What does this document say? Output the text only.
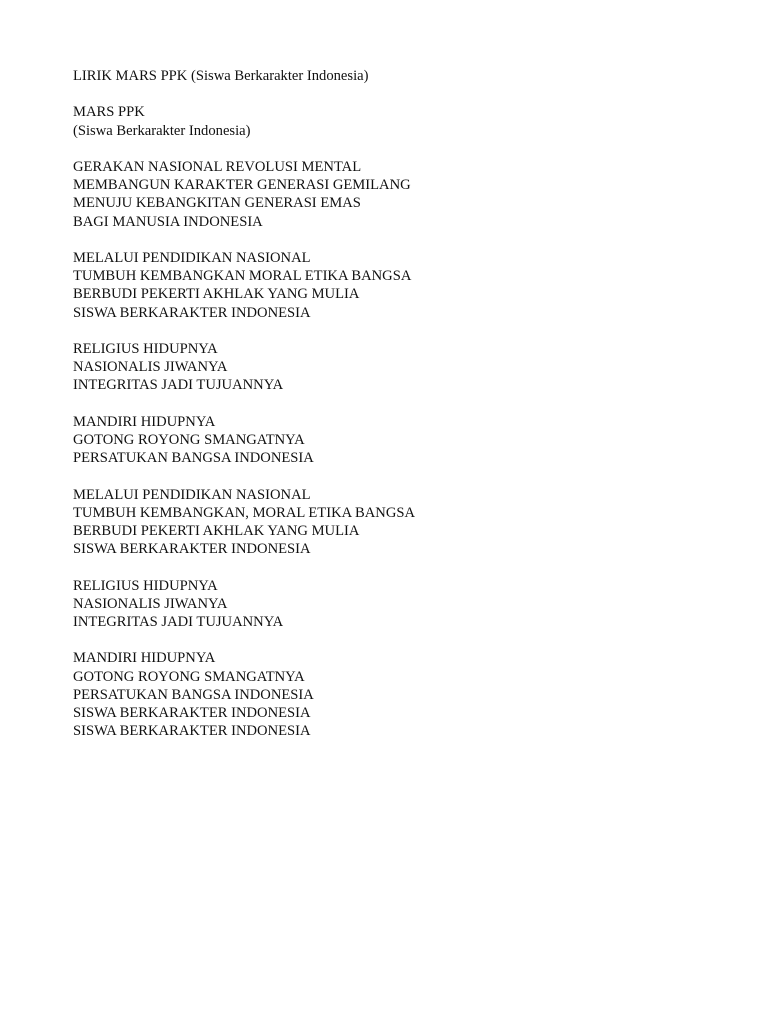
LIRIK MARS PPK (Siswa Berkarakter Indonesia)

MARS PPK
(Siswa Berkarakter Indonesia)
GERAKAN NASIONAL REVOLUSI MENTAL
MEMBANGUN KARAKTER GENERASI GEMILANG
MENUJU KEBANGKITAN GENERASI EMAS
BAGI MANUSIA INDONESIA
MELALUI PENDIDIKAN NASIONAL
TUMBUH KEMBANGKAN MORAL ETIKA BANGSA
BERBUDI PEKERTI AKHLAK YANG MULIA
SISWA BERKARAKTER INDONESIA
RELIGIUS HIDUPNYA
NASIONALIS JIWANYA
INTEGRITAS JADI TUJUANNYA
MANDIRI HIDUPNYA
GOTONG ROYONG SMANGATNYA
PERSATUKAN BANGSA INDONESIA
MELALUI PENDIDIKAN NASIONAL
TUMBUH KEMBANGKAN, MORAL ETIKA BANGSA
BERBUDI PEKERTI AKHLAK YANG MULIA
SISWA BERKARAKTER INDONESIA
RELIGIUS HIDUPNYA
NASIONALIS JIWANYA
INTEGRITAS JADI TUJUANNYA
MANDIRI HIDUPNYA
GOTONG ROYONG SMANGATNYA
PERSATUKAN BANGSA INDONESIA
SISWA BERKARAKTER INDONESIA
SISWA BERKARAKTER INDONESIA
